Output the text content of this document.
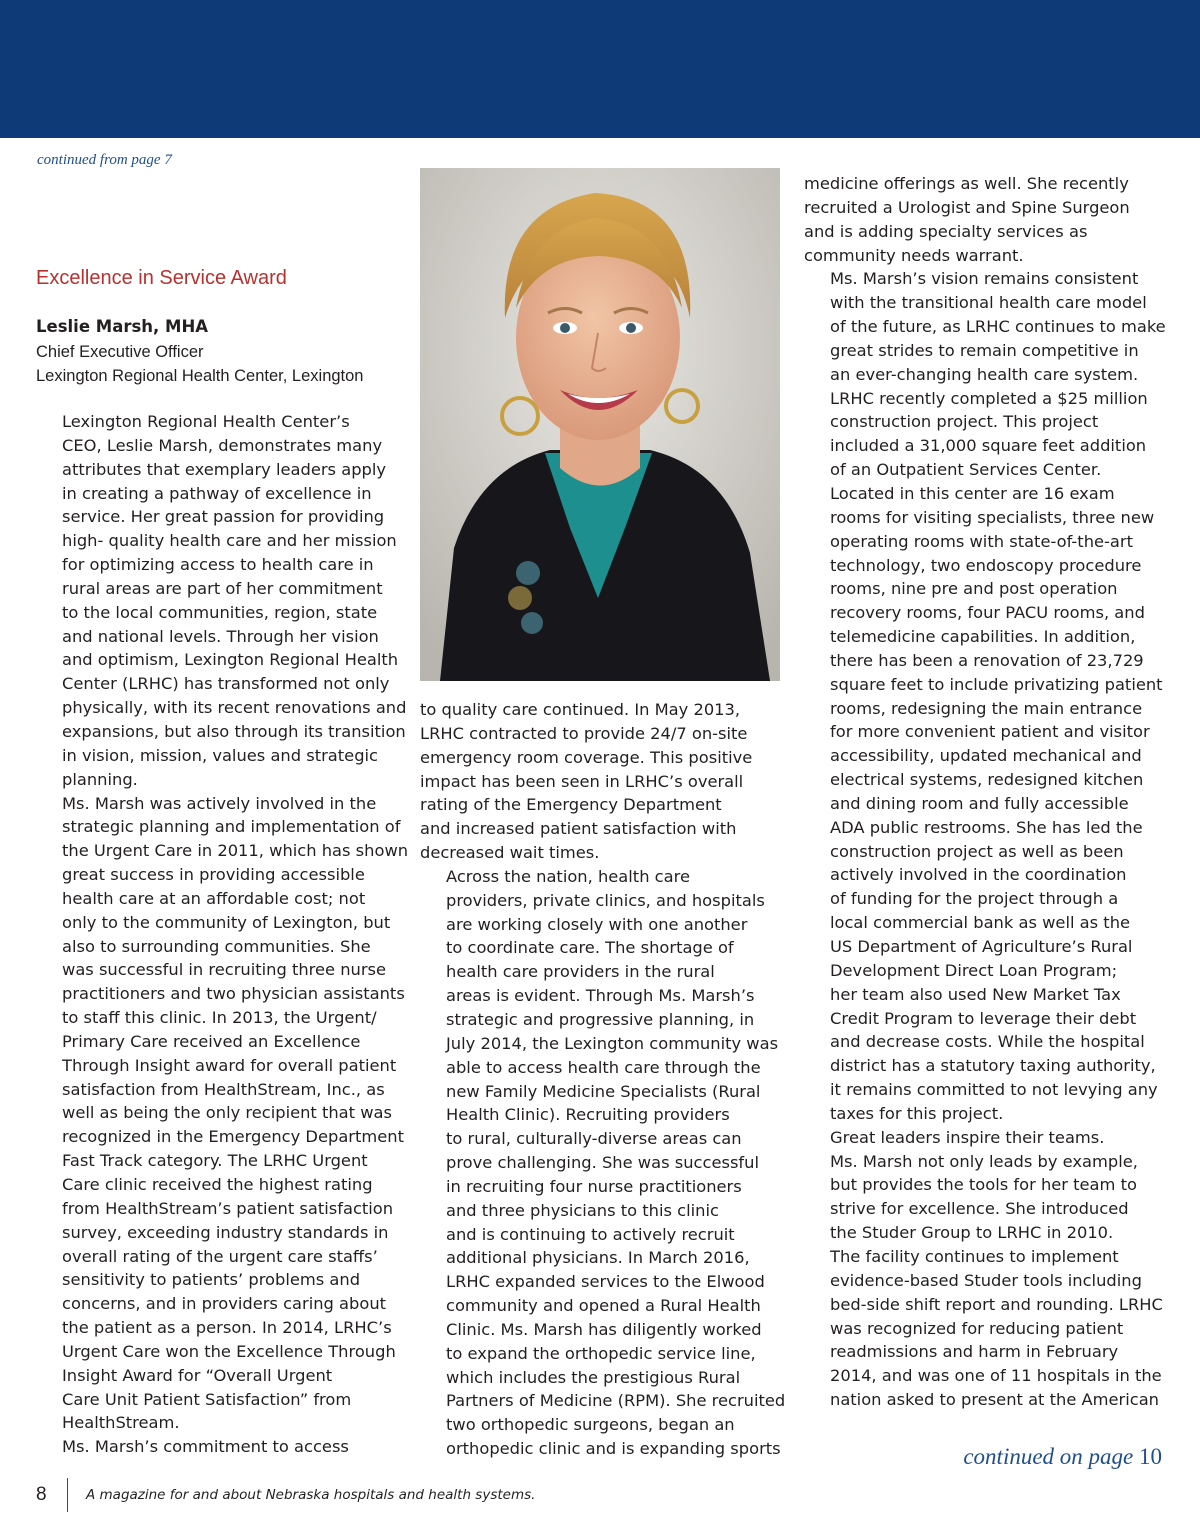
continued from page 7
Excellence in Service Award
Leslie Marsh, MHA
Chief Executive Officer
Lexington Regional Health Center, Lexington

Lexington Regional Health Center’s
CEO, Leslie Marsh, demonstrates many
attributes that exemplary leaders apply
in creating a pathway of excellence in
service. Her great passion for providing
high- quality health care and her mission
for optimizing access to health care in
rural areas are part of her commitment
to the local communities, region, state
and national levels. Through her vision
and optimism, Lexington Regional Health
Center (LRHC) has transformed not only
physically, with its recent renovations and
expansions, but also through its transition
in vision, mission, values and strategic
planning.

Ms. Marsh was actively involved in the
strategic planning and implementation of
the Urgent Care in 2011, which has shown
great success in providing accessible
health care at an affordable cost; not
only to the community of Lexington, but
also to surrounding communities. She
was successful in recruiting three nurse
practitioners and two physician assistants
to staff this clinic. In 2013, the Urgent/
Primary Care received an Excellence
Through Insight award for overall patient
satisfaction from HealthStream, Inc., as
well as being the only recipient that was
recognized in the Emergency Department
Fast Track category. The LRHC Urgent
Care clinic received the highest rating
from HealthStream’s patient satisfaction
survey, exceeding industry standards in
overall rating of the urgent care staffs’
sensitivity to patients’ problems and
concerns, and in providers caring about
the patient as a person. In 2014, LRHC’s
Urgent Care won the Excellence Through
Insight Award for “Overall Urgent
Care Unit Patient Satisfaction” from
HealthStream.

Ms. Marsh’s commitment to access

to quality care continued. In May 2013,
LRHC contracted to provide 24/7 on-site
emergency room coverage. This positive
impact has been seen in LRHC’s overall
rating of the Emergency Department
and increased patient satisfaction with
decreased wait times.

Across the nation, health care
providers, private clinics, and hospitals
are working closely with one another
to coordinate care. The shortage of
health care providers in the rural
areas is evident. Through Ms. Marsh’s
strategic and progressive planning, in
July 2014, the Lexington community was
able to access health care through the
new Family Medicine Specialists (Rural
Health Clinic). Recruiting providers
to rural, culturally-diverse areas can
prove challenging. She was successful
in recruiting four nurse practitioners
and three physicians to this clinic
and is continuing to actively recruit
additional physicians. In March 2016,
LRHC expanded services to the Elwood
community and opened a Rural Health
Clinic. Ms. Marsh has diligently worked
to expand the orthopedic service line,
which includes the prestigious Rural
Partners of Medicine (RPM). She recruited
two orthopedic surgeons, began an
orthopedic clinic and is expanding sports

medicine offerings as well. She recently
recruited a Urologist and Spine Surgeon
and is adding specialty services as
community needs warrant.

Ms. Marsh’s vision remains consistent
with the transitional health care model
of the future, as LRHC continues to make
great strides to remain competitive in
an ever-changing health care system.
LRHC recently completed a $25 million
construction project. This project
included a 31,000 square feet addition
of an Outpatient Services Center.
Located in this center are 16 exam
rooms for visiting specialists, three new
operating rooms with state-of-the-art
technology, two endoscopy procedure
rooms, nine pre and post operation
recovery rooms, four PACU rooms, and
telemedicine capabilities. In addition,
there has been a renovation of 23,729
square feet to include privatizing patient
rooms, redesigning the main entrance
for more convenient patient and visitor
accessibility, updated mechanical and
electrical systems, redesigned kitchen
and dining room and fully accessible
ADA public restrooms. She has led the
construction project as well as been
actively involved in the coordination
of funding for the project through a
local commercial bank as well as the
US Department of Agriculture’s Rural
Development Direct Loan Program;
her team also used New Market Tax
Credit Program to leverage their debt
and decrease costs. While the hospital
district has a statutory taxing authority,
it remains committed to not levying any
taxes for this project.

Great leaders inspire their teams.
Ms. Marsh not only leads by example,
but provides the tools for her team to
strive for excellence. She introduced
the Studer Group to LRHC in 2010.
The facility continues to implement
evidence-based Studer tools including
bed-side shift report and rounding. LRHC
was recognized for reducing patient
readmissions and harm in February
2014, and was one of 11 hospitals in the
nation asked to present at the American

continued on page 10
8	A magazine for and about Nebraska hospitals and health systems.
